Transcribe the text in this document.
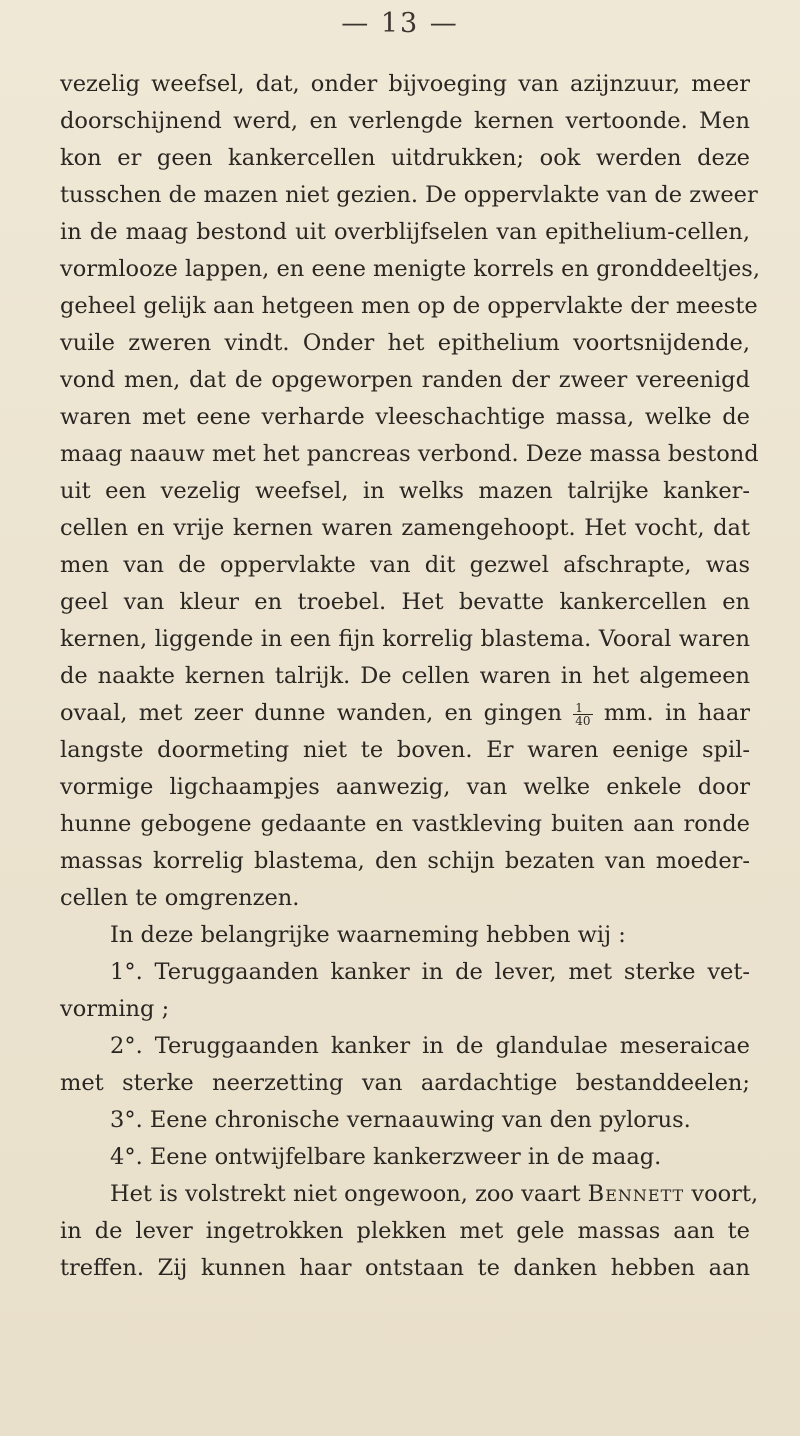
— 13 —
vezelig weefsel, dat, onder bijvoeging van azijnzuur, meer
doorschijnend werd, en verlengde kernen vertoonde. Men
kon er geen kankercellen uitdrukken; ook werden deze
tusschen de mazen niet gezien. De oppervlakte van de zweer
in de maag bestond uit overblijfselen van epithelium-cellen,
vormlooze lappen, en eene menigte korrels en gronddeeltjes,
geheel gelijk aan hetgeen men op de oppervlakte der meeste
vuile zweren vindt. Onder het epithelium voortsnijdende,
vond men, dat de opgeworpen randen der zweer vereenigd
waren met eene verharde vleeschachtige massa, welke de
maag naauw met het pancreas verbond. Deze massa bestond
uit een vezelig weefsel, in welks mazen talrijke kanker-
cellen en vrije kernen waren zamengehoopt. Het vocht, dat
men van de oppervlakte van dit gezwel afschrapte, was
geel van kleur en troebel. Het bevatte kankercellen en
kernen, liggende in een fijn korrelig blastema. Vooral waren
de naakte kernen talrijk. De cellen waren in het algemeen
ovaal, met zeer dunne wanden, en gingen $\frac{1}{40}$ mm. in haar
langste doormeting niet te boven. Er waren eenige spil-
vormige ligchaampjes aanwezig, van welke enkele door
hunne gebogene gedaante en vastkleving buiten aan ronde
massas korrelig blastema, den schijn bezaten van moeder-
cellen te omgrenzen.
In deze belangrijke waarneming hebben wij :
1°. Teruggaanden kanker in de lever, met sterke vet-
vorming ;
2°. Teruggaanden kanker in de glandulae meseraicae
met sterke neerzetting van aardachtige bestanddeelen;
3°. Eene chronische vernaauwing van den pylorus.
4°. Eene ontwijfelbare kankerzweer in de maag.
Het is volstrekt niet ongewoon, zoo vaart Bennett voort,
in de lever ingetrokken plekken met gele massas aan te
treffen. Zij kunnen haar ontstaan te danken hebben aan
